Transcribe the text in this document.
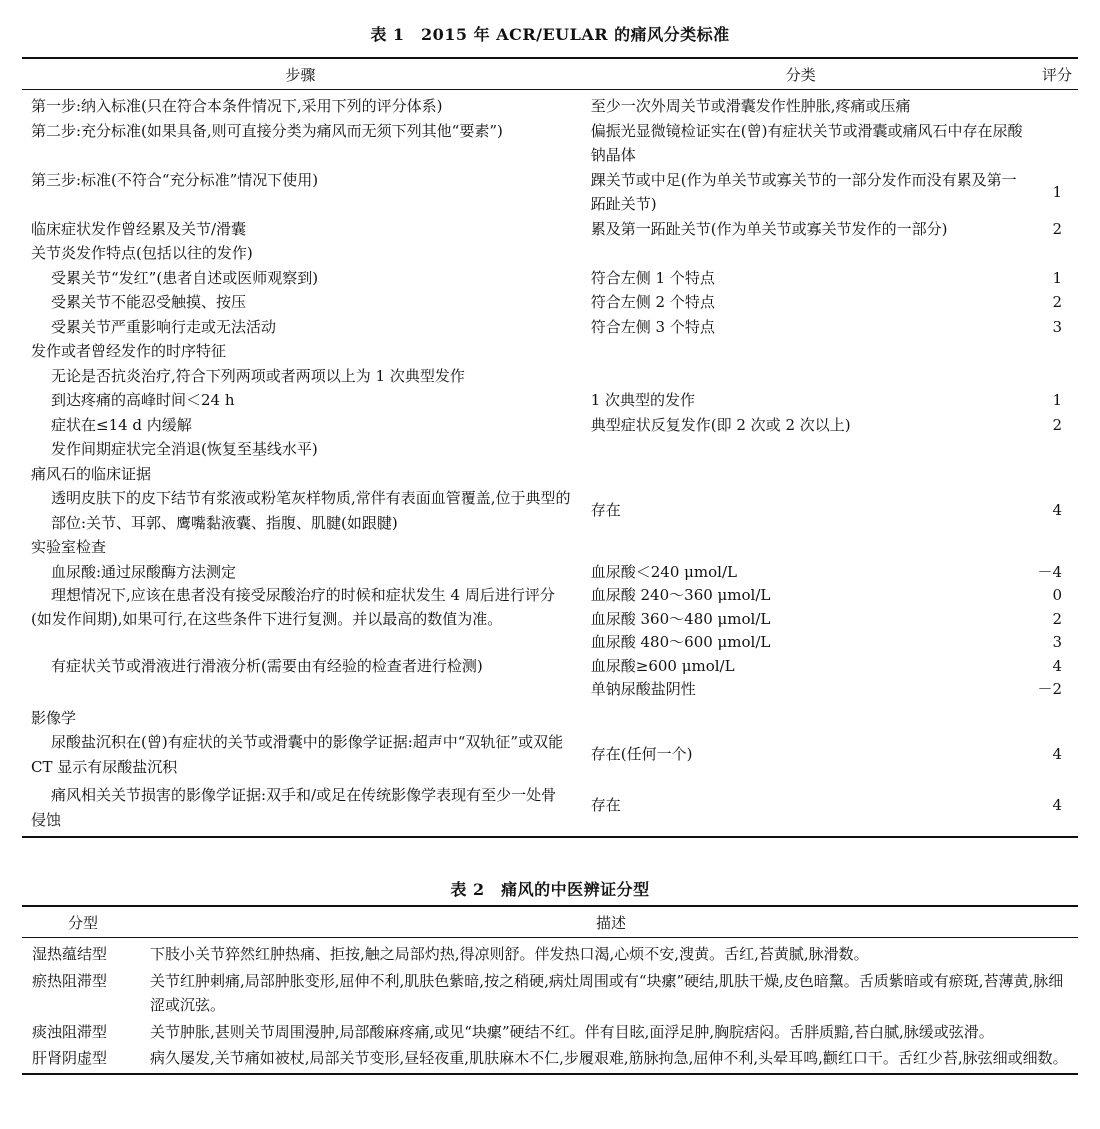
表 1　2015 年 ACR/EULAR 的痛风分类标准
步骤	分类	评分
第一步:纳入标准(只在符合本条件情况下,采用下列的评分体系)	至少一次外周关节或滑囊发作性肿胀,疼痛或压痛	
第二步:充分标准(如果具备,则可直接分类为痛风而无须下列其他“要素”)	偏振光显微镜检证实在(曾)有症状关节或滑囊或痛风石中存在尿酸钠晶体	
第三步:标准(不符合“充分标准”情况下使用)	踝关节或中足(作为单关节或寡关节的一部分发作而没有累及第一跖趾关节)	1
临床症状发作曾经累及关节/滑囊	累及第一跖趾关节(作为单关节或寡关节发作的一部分)	2
关节炎发作特点(包括以往的发作)		
受累关节“发红”(患者自述或医师观察到)	符合左侧 1 个特点	1
受累关节不能忍受触摸、按压	符合左侧 2 个特点	2
受累关节严重影响行走或无法活动	符合左侧 3 个特点	3
发作或者曾经发作的时序特征		
无论是否抗炎治疗,符合下列两项或者两项以上为 1 次典型发作		
到达疼痛的高峰时间＜24 h	1 次典型的发作	1
症状在≤14 d 内缓解	典型症状反复发作(即 2 次或 2 次以上)	2
发作间期症状完全消退(恢复至基线水平)		
痛风石的临床证据		

透明皮肤下的皮下结节有浆液或粉笔灰样物质,常伴有表面血管覆盖,位于典型的部位:关节、耳郭、鹰嘴黏液囊、指腹、肌腱(如跟腱)	存在	4
实验室检查		
血尿酸:通过尿酸酶方法测定	血尿酸＜240 μmol/L	－4
理想情况下,应该在患者没有接受尿酸治疗的时候和症状发生 4 周后进行评分(如发作间期),如果可行,在这些条件下进行复测。并以最高的数值为准。	血尿酸 240～360 μmol/L	0
	血尿酸 360～480 μmol/L	2
	血尿酸 480～600 μmol/L	3
有症状关节或滑液进行滑液分析(需要由有经验的检查者进行检测)	血尿酸≥600 μmol/L	4
	单钠尿酸盐阴性	－2
影像学		
尿酸盐沉积在(曾)有症状的关节或滑囊中的影像学证据:超声中“双轨征”或双能 CT 显示有尿酸盐沉积	存在(任何一个)	4
痛风相关关节损害的影像学证据:双手和/或足在传统影像学表现有至少一处骨侵蚀	存在	4
表 2　痛风的中医辨证分型
分型	描述
湿热蕴结型	下肢小关节猝然红肿热痛、拒按,触之局部灼热,得凉则舒。伴发热口渴,心烦不安,溲黄。舌红,苔黄腻,脉滑数。
瘀热阻滞型	关节红肿刺痛,局部肿胀变形,屈伸不利,肌肤色紫暗,按之稍硬,病灶周围或有“块瘰”硬结,肌肤干燥,皮色暗黧。舌质紫暗或有瘀斑,苔薄黄,脉细涩或沉弦。
痰浊阻滞型	关节肿胀,甚则关节周围漫肿,局部酸麻疼痛,或见“块瘰”硬结不红。伴有目眩,面浮足肿,胸脘痞闷。舌胖质黯,苔白腻,脉缓或弦滑。
肝肾阴虚型	病久屡发,关节痛如被杖,局部关节变形,昼轻夜重,肌肤麻木不仁,步履艰难,筋脉拘急,屈伸不利,头晕耳鸣,颧红口干。舌红少苔,脉弦细或细数。
